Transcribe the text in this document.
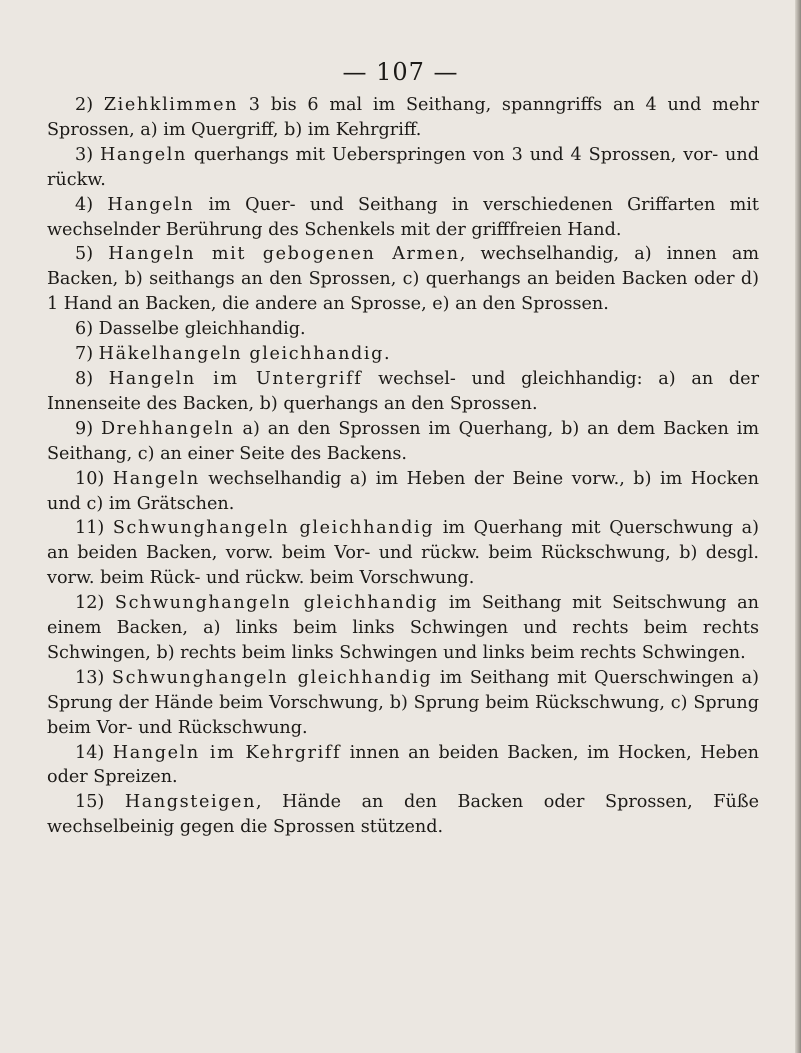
— 107 —

2) Ziehklimmen 3 bis 6 mal im Seithang, spanngriffs an 4 und mehr Sprossen, a) im Quergriff, b) im Kehrgriff.

3) Hangeln querhangs mit Ueberspringen von 3 und 4 Sprossen, vor- und rückw.

4) Hangeln im Quer- und Seithang in verschiedenen Griffarten mit wechselnder Berührung des Schenkels mit der grifffreien Hand.

5) Hangeln mit gebogenen Armen, wechselhandig, a) innen am Backen, b) seithangs an den Sprossen, c) querhangs an beiden Backen oder d) 1 Hand an Backen, die andere an Sprosse, e) an den Sprossen.

6) Dasselbe gleichhandig.

7) Häkelhangeln gleichhandig.

8) Hangeln im Untergriff wechsel- und gleichhandig: a) an der Innenseite des Backen, b) querhangs an den Sprossen.

9) Drehhangeln a) an den Sprossen im Querhang, b) an dem Backen im Seithang, c) an einer Seite des Backens.

10) Hangeln wechselhandig a) im Heben der Beine vorw., b) im Hocken und c) im Grätschen.

11) Schwunghangeln gleichhandig im Querhang mit Querschwung a) an beiden Backen, vorw. beim Vor- und rückw. beim Rückschwung, b) desgl. vorw. beim Rück- und rückw. beim Vorschwung.

12) Schwunghangeln gleichhandig im Seithang mit Seitschwung an einem Backen, a) links beim links Schwingen und rechts beim rechts Schwingen, b) rechts beim links Schwingen und links beim rechts Schwingen.

13) Schwunghangeln gleichhandig im Seithang mit Querschwingen a) Sprung der Hände beim Vorschwung, b) Sprung beim Rückschwung, c) Sprung beim Vor- und Rückschwung.

14) Hangeln im Kehrgriff innen an beiden Backen, im Hocken, Heben oder Spreizen.

15) Hangsteigen, Hände an den Backen oder Sprossen, Füße wechselbeinig gegen die Sprossen stützend.
